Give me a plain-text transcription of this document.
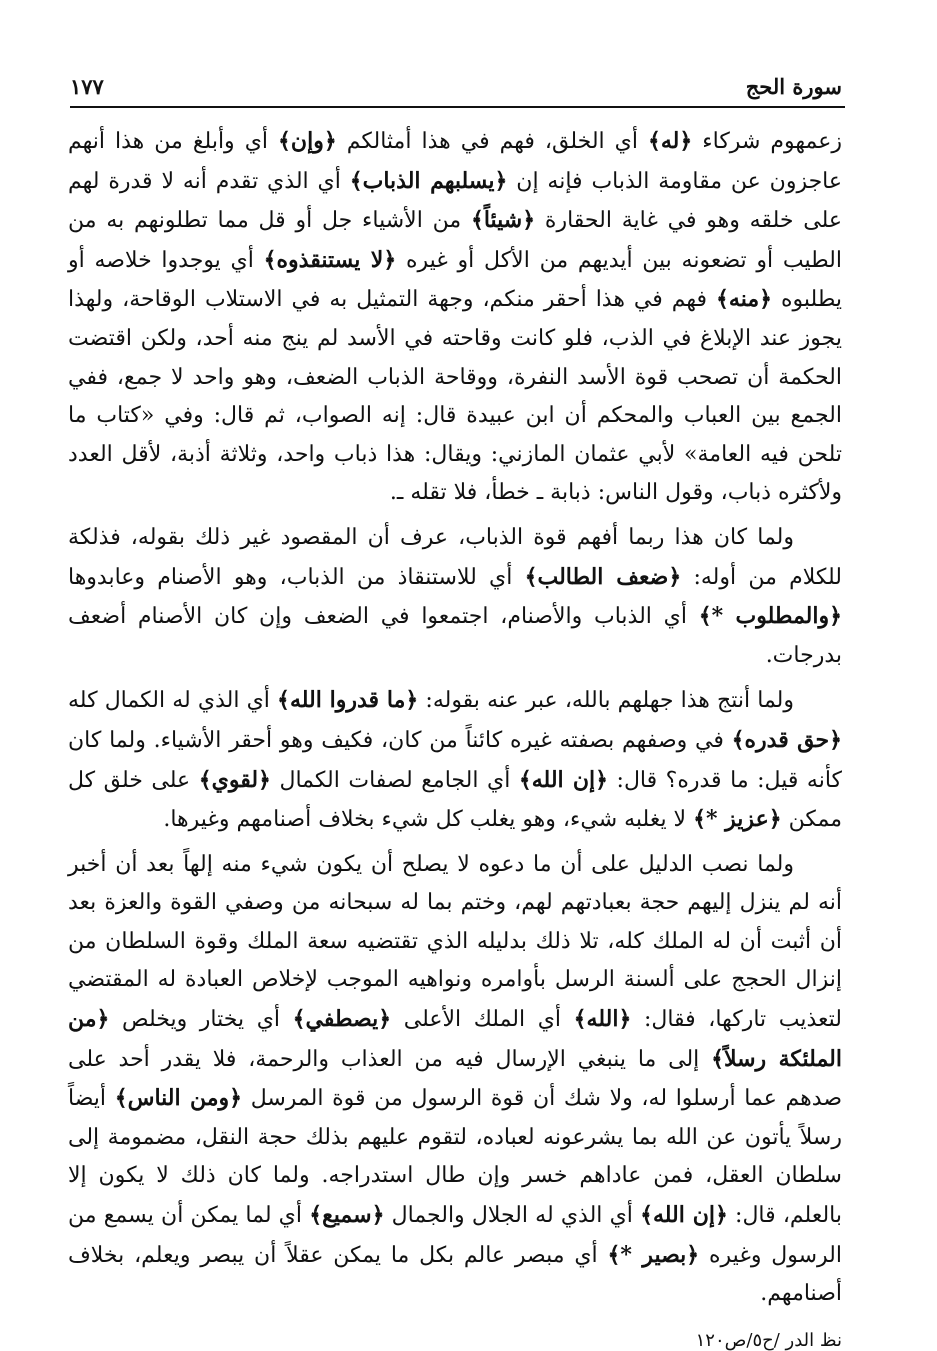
سورة الحج
١٧٧

زعمهوم شركاء ﴿له﴾ أي الخلق، فهم في هذا أمثالكم ﴿وإن﴾ أي وأبلغ من هذا أنهم عاجزون عن مقاومة الذباب فإنه إن ﴿يسلبهم الذباب﴾ أي الذي تقدم أنه لا قدرة لهم على خلقه وهو في غاية الحقارة ﴿شيئاً﴾ من الأشياء جل أو قل مما تطلونهم به من الطيب أو تضعونه بين أيديهم من الأكل أو غيره ﴿لا يستنقذوه﴾ أي يوجدوا خلاصه أو يطلبوه ﴿منه﴾ فهم في هذا أحقر منكم، وجهة التمثيل به في الاستلاب الوقاحة، ولهذا يجوز عند الإبلاغ في الذب، فلو كانت وقاحته في الأسد لم ينج منه أحد، ولكن اقتضت الحكمة أن تصحب قوة الأسد النفرة، ووقاحة الذباب الضعف، وهو واحد لا جمع، ففي الجمع بين العباب والمحكم أن ابن عبيدة قال: إنه الصواب، ثم قال: وفي «كتاب ما تلحن فيه العامة» لأبي عثمان المازني: ويقال: هذا ذباب واحد، وثلاثة أذبة، لأقل العدد ولأكثره ذباب، وقول الناس: ذبابة ـ خطأ، فلا تقله ـ.

ولما كان هذا ربما أفهم قوة الذباب، عرف أن المقصود غير ذلك بقوله، فذلكة للكلام من أوله: ﴿ضعف الطالب﴾ أي للاستنقاذ من الذباب، وهو الأصنام وعابدوها ﴿والمطلوب *﴾ أي الذباب والأصنام، اجتمعوا في الضعف وإن كان الأصنام أضعف بدرجات.

ولما أنتج هذا جهلهم بالله، عبر عنه بقوله: ﴿ما قدروا الله﴾ أي الذي له الكمال كله ﴿حق قدره﴾ في وصفهم بصفته غيره كائناً من كان، فكيف وهو أحقر الأشياء. ولما كان كأنه قيل: ما قدره؟ قال: ﴿إن الله﴾ أي الجامع لصفات الكمال ﴿لقوي﴾ على خلق كل ممكن ﴿عزيز *﴾ لا يغلبه شيء، وهو يغلب كل شيء بخلاف أصنامهم وغيرها.

ولما نصب الدليل على أن ما دعوه لا يصلح أن يكون شيء منه إلهاً بعد أن أخبر أنه لم ينزل إليهم حجة بعبادتهم لهم، وختم بما له سبحانه من وصفي القوة والعزة بعد أن أثبت أن له الملك كله، تلا ذلك بدليله الذي تقتضيه سعة الملك وقوة السلطان من إنزال الحجج على ألسنة الرسل بأوامره ونواهيه الموجب لإخلاص العبادة له المقتضي لتعذيب تاركها، فقال: ﴿الله﴾ أي الملك الأعلى ﴿يصطفي﴾ أي يختار ويخلص ﴿من الملئكة رسلاً﴾ إلى ما ينبغي الإرسال فيه من العذاب والرحمة، فلا يقدر أحد على صدهم عما أرسلوا له، ولا شك أن قوة الرسول من قوة المرسل ﴿ومن الناس﴾ أيضاً رسلاً يأتون عن الله بما يشرعونه لعباده، لتقوم عليهم بذلك حجة النقل، مضمومة إلى سلطان العقل، فمن عاداهم خسر وإن طال استدراجه. ولما كان ذلك لا يكون إلا بالعلم، قال: ﴿إن الله﴾ أي الذي له الجلال والجمال ﴿سميع﴾ أي لما يمكن أن يسمع من الرسول وغيره ﴿بصير *﴾ أي مبصر عالم بكل ما يمكن عقلاً أن يبصر ويعلم، بخلاف أصنامهم.

نظ الدر /ح٥/ص١٢٠
